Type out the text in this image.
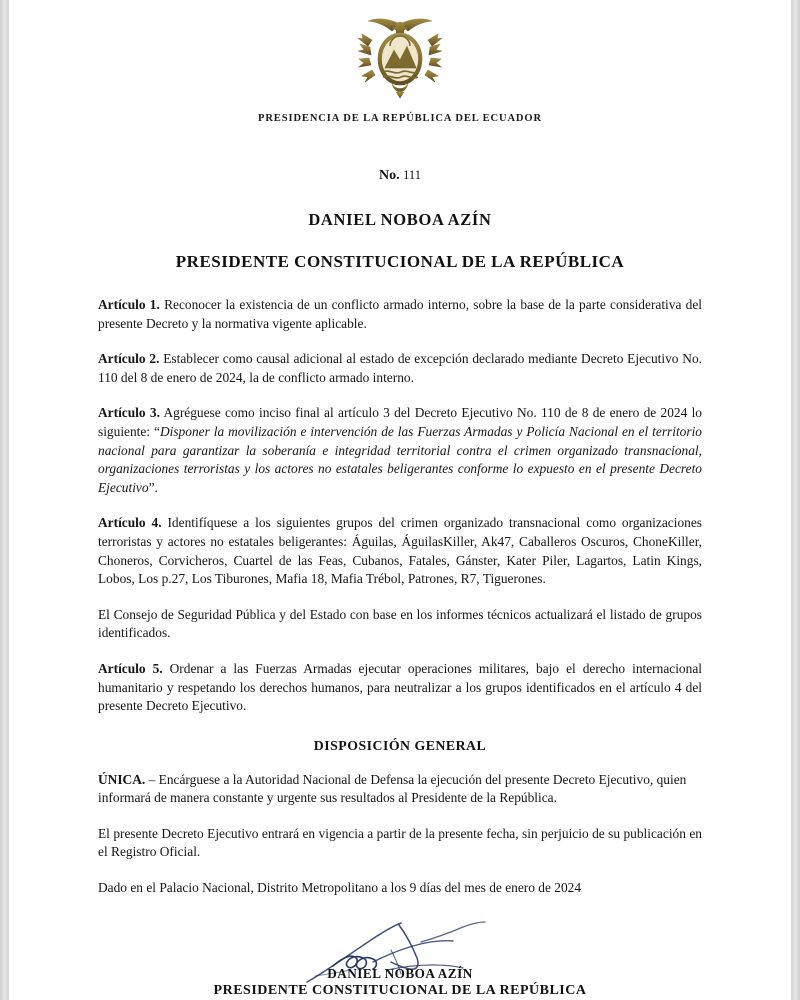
PRESIDENCIA DE LA REPÚBLICA DEL ECUADOR
No. 111
DANIEL NOBOA AZÍN
PRESIDENTE CONSTITUCIONAL DE LA REPÚBLICA

Artículo 1. Reconocer la existencia de un conflicto armado interno, sobre la base de la parte considerativa del presente Decreto y la normativa vigente aplicable.

Artículo 2. Establecer como causal adicional al estado de excepción declarado mediante Decreto Ejecutivo No. 110 del 8 de enero de 2024, la de conflicto armado interno.

Artículo 3. Agréguese como inciso final al artículo 3 del Decreto Ejecutivo No. 110 de 8 de enero de 2024 lo siguiente: “Disponer la movilización e intervención de las Fuerzas Armadas y Policía Nacional en el territorio nacional para garantizar la soberanía e integridad territorial contra el crimen organizado transnacional, organizaciones terroristas y los actores no estatales beligerantes conforme lo expuesto en el presente Decreto Ejecutivo”.

Artículo 4. Identifíquese a los siguientes grupos del crimen organizado transnacional como organizaciones terroristas y actores no estatales beligerantes: Águilas, ÁguilasKiller, Ak47, Caballeros Oscuros, ChoneKiller, Choneros, Corvicheros, Cuartel de las Feas, Cubanos, Fatales, Gánster, Kater Piler, Lagartos, Latin Kings, Lobos, Los p.27, Los Tiburones, Mafia 18, Mafia Trébol, Patrones, R7, Tiguerones.

El Consejo de Seguridad Pública y del Estado con base en los informes técnicos actualizará el listado de grupos identificados.

Artículo 5. Ordenar a las Fuerzas Armadas ejecutar operaciones militares, bajo el derecho internacional humanitario y respetando los derechos humanos, para neutralizar a los grupos identificados en el artículo 4 del presente Decreto Ejecutivo.

DISPOSICIÓN GENERAL

ÚNICA. – Encárguese a la Autoridad Nacional de Defensa la ejecución del presente Decreto Ejecutivo, quien informará de manera constante y urgente sus resultados al Presidente de la República.

El presente Decreto Ejecutivo entrará en vigencia a partir de la presente fecha, sin perjuicio de su publicación en el Registro Oficial.

Dado en el Palacio Nacional, Distrito Metropolitano a los 9 días del mes de enero de 2024

DANIEL NOBOA AZÍN
PRESIDENTE CONSTITUCIONAL DE LA REPÚBLICA
